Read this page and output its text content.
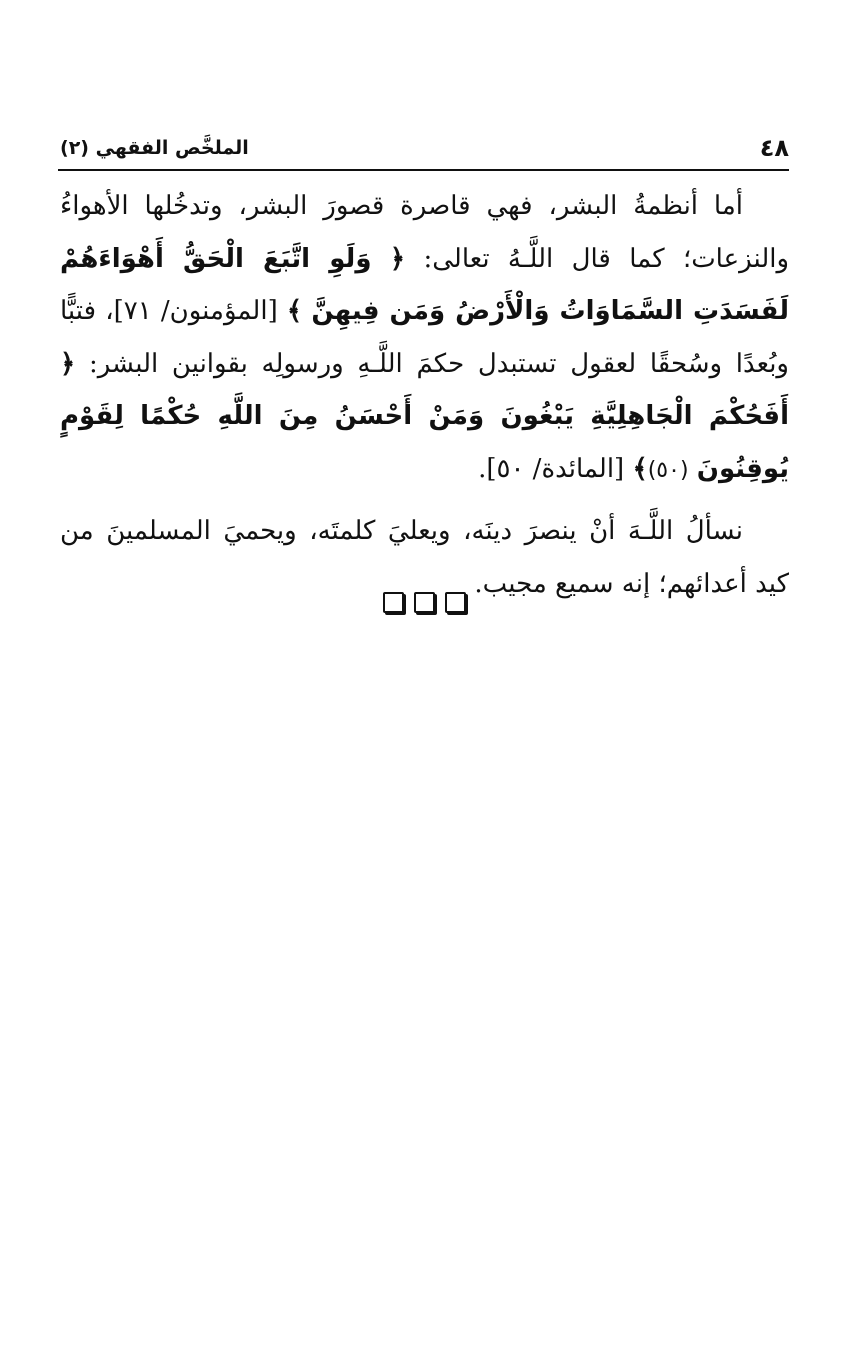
٤٨
الملخَّص الفقهي (٢)

أما أنظمةُ البشر، فهي قاصرة قصورَ البشر، وتدخُلها الأهواءُ والنزعات؛ كما قال اللَّـهُ تعالى: ﴿ وَلَوِ اتَّبَعَ الْحَقُّ أَهْوَاءَهُمْ لَفَسَدَتِ السَّمَاوَاتُ وَالْأَرْضُ وَمَن فِيهِنَّ ﴾ [المؤمنون/ ٧١]، فتبًّا وبُعدًا وسُحقًا لعقول تستبدل حكمَ اللَّـهِ ورسولِه بقوانين البشر: ﴿ أَفَحُكْمَ الْجَاهِلِيَّةِ يَبْغُونَ وَمَنْ أَحْسَنُ مِنَ اللَّهِ حُكْمًا لِقَوْمٍ يُوقِنُونَ (٥٠)﴾ [المائدة/ ٥٠].

نسألُ اللَّـهَ أنْ ينصرَ دينَه، ويعليَ كلمتَه، ويحميَ المسلمينَ من كيد أعدائهم؛ إنه سميع مجيب.
